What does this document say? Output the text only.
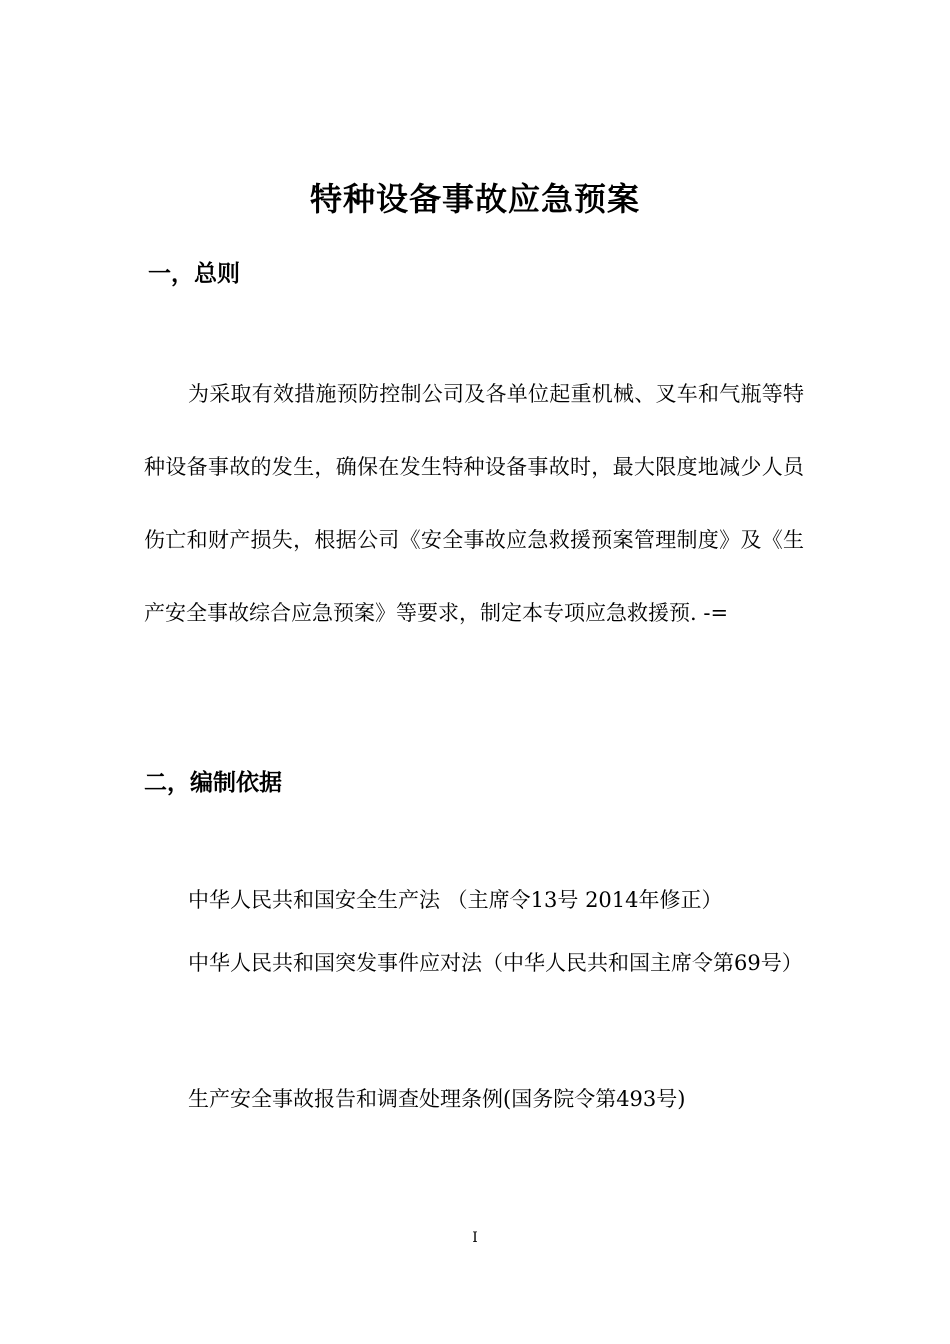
特种设备事故应急预案
一，总则

为采取有效措施预防控制公司及各单位起重机械、叉车和气瓶等特种设备事故的发生，确保在发生特种设备事故时，最大限度地减少人员伤亡和财产损失，根据公司《安全事故应急救援预案管理制度》及《生产安全事故综合应急预案》等要求，制定本专项应急救援预. -=

二，编制依据

中华人民共和国安全生产法 （主席令13号 2014年修正）

中华人民共和国突发事件应对法（中华人民共和国主席令第69号）

生产安全事故报告和调查处理条例(国务院令第493号)

I
